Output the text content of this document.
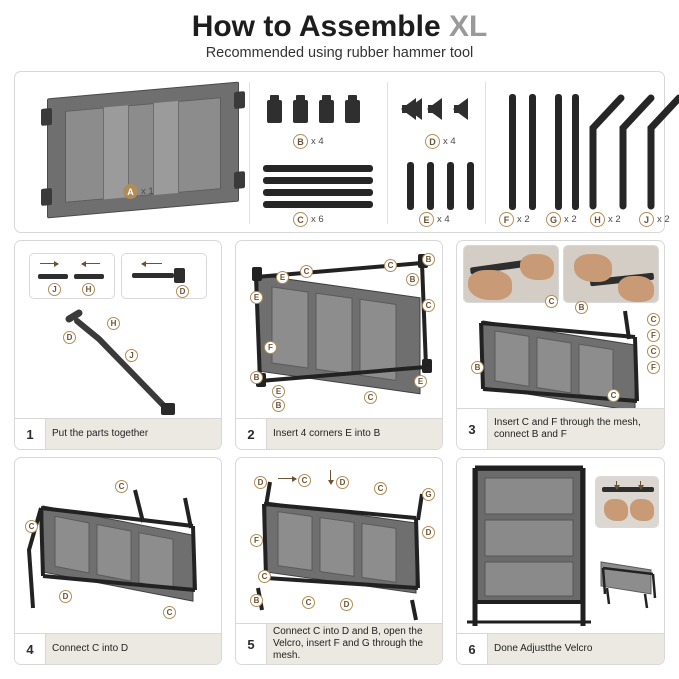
How to Assemble XL
Recommended using rubber hammer tool
A x 1
B x 4
C x 6
D x 4
E x 4	F x 2	G x 2	H x 2	J x 2
J	H	D
D
H
J
1	Put the parts together
B
E
C
C
B
C
F
E
B
E
B
C
E
2	Insert 4 corners E into B
C
B
C
F
C
F
B
C
3	Insert C and F through the mesh, connect B and F
C
C
D
C
4	Connect C into D
D	C	D
C
G
D
F
C
B	C	D
5
Connect C into D and B, open the Velcro, insert F and G through the mesh.	6	Done Adjustthe Velcro
